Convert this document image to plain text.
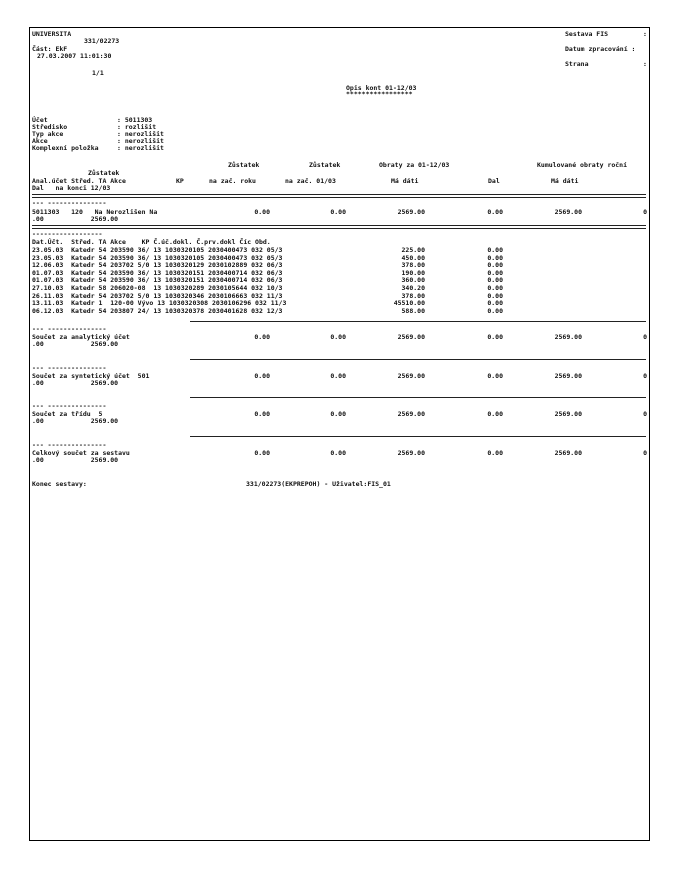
UNIVERSITA
331/02273
Část: EkF
27.03.2007 11:01:30
1/1
Sestava FIS	:
Datum zpracování :
Strana	:
Opis kont 01-12/03
*****************
Účet	: 5011303
Středisko	: rozlišit
Typ akce	: nerozlišit
Akce	: nerozlišit
Komplexní položka	: nerozlišit
Zůstatek	Zůstatek	Obraty za 01-12/03	Kumulované obraty roční
Zůstatek
Anal.účet Střed. TA Akce	KP	na zač. roku	na zač. 01/03	Má dáti	Dal	Má dáti
Dal   na konci 12/03
--- ---------------
5011303   120   Na Nerozlišen Na	0.00	0.00	2569.00	0.00	2569.00	0
.00            2569.00
------------------
Dat.Účt.  Střed. TA Akce    KP Č.úč.dokl. Č.prv.dokl Číc Obd.
23.05.03  Katedr 54 203590 36/ 13 1030320105 2030400473 032 05/3	225.00	0.00
23.05.03  Katedr 54 203590 36/ 13 1030320105 2030400473 032 05/3	450.00	0.00
12.06.03  Katedr 54 203702 5/0 13 1030320129 2030102889 032 06/3	378.00	0.00
01.07.03  Katedr 54 203590 36/ 13 1030320151 2030400714 032 06/3	190.00	0.00
01.07.03  Katedr 54 203590 36/ 13 1030320151 2030400714 032 06/3	360.00	0.00
27.10.03  Katedr 58 206020-08  13 1030320289 2030105644 032 10/3	340.20	0.00
26.11.03  Katedr 54 203702 5/0 13 1030320346 2030106663 032 11/3	378.00	0.00
13.11.03  Katedr 1  120-00 Vývo 13 1030320308 2030106296 032 11/3	45510.00	0.00
06.12.03  Katedr 54 203807 24/ 13 1030320378 2030401628 032 12/3	588.00	0.00
--- ---------------
Součet za analytický účet
.00            2569.00
0.00	0.00	2569.00	0.00	2569.00	0
--- ---------------
Součet za syntetický účet  501
.00            2569.00
0.00	0.00	2569.00	0.00	2569.00	0
--- ---------------
Součet za třídu  5
.00            2569.00
0.00	0.00	2569.00	0.00	2569.00	0
--- ---------------
Celkový součet za sestavu
.00            2569.00
0.00	0.00	2569.00	0.00	2569.00	0
Konec sestavy:	331/02273(EKPREPOH) - Uživatel:FIS_01
